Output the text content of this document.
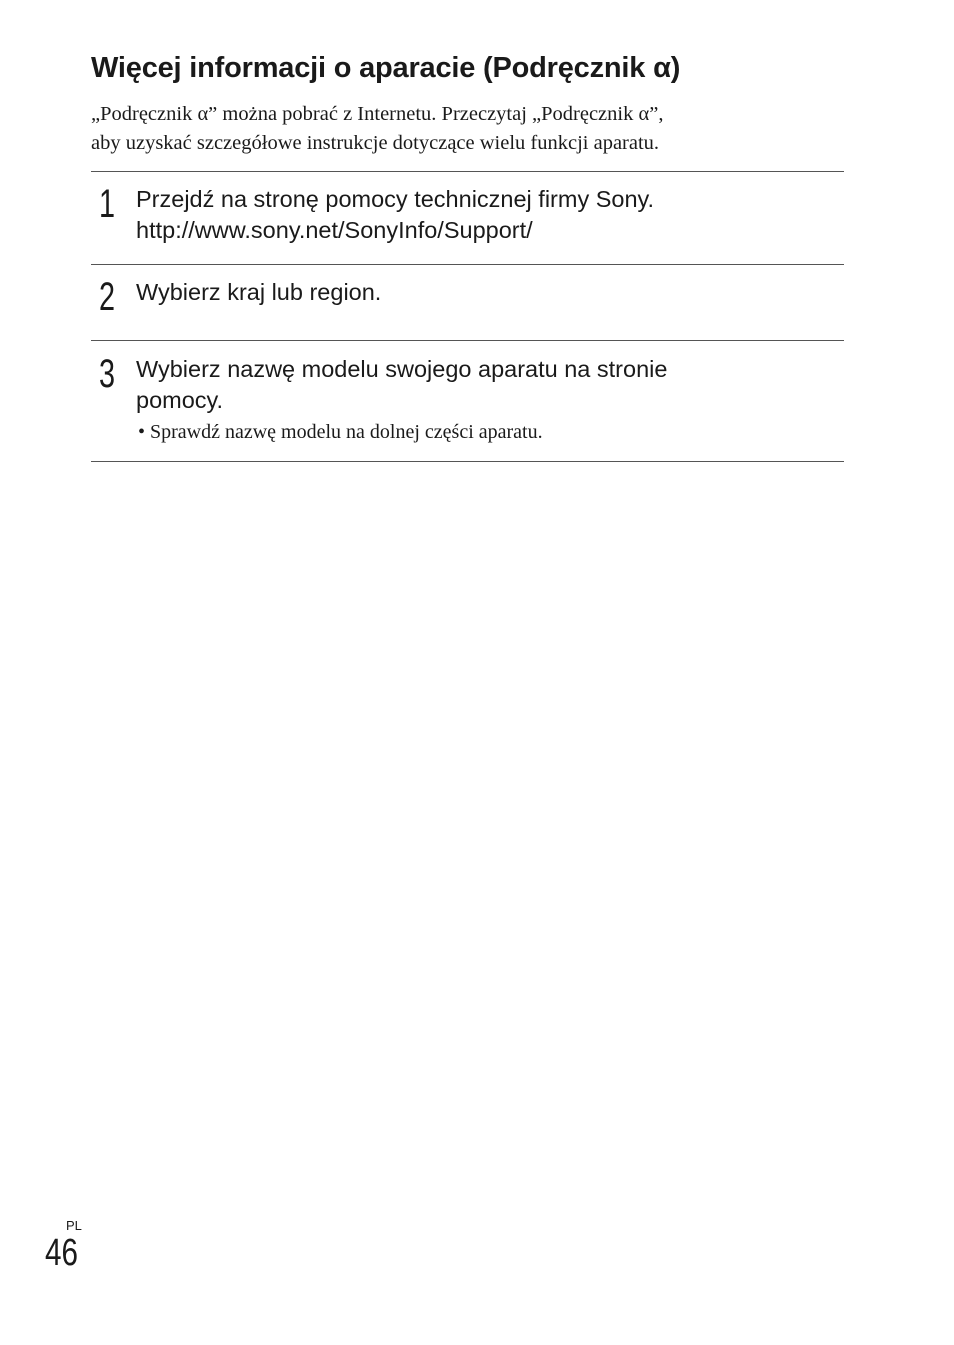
Więcej informacji o aparacie (Podręcznik α)

„Podręcznik α” można pobrać z Internetu. Przeczytaj „Podręcznik α”,
aby uzyskać szczegółowe instrukcje dotyczące wielu funkcji aparatu.

1 Przejdź na stronę pomocy technicznej firmy Sony.
http://www.sony.net/SonyInfo/Support/
2 Wybierz kraj lub region.
3 Wybierz nazwę modelu swojego aparatu na stronie
pomocy.
• Sprawdź nazwę modelu na dolnej części aparatu.
PL
46
